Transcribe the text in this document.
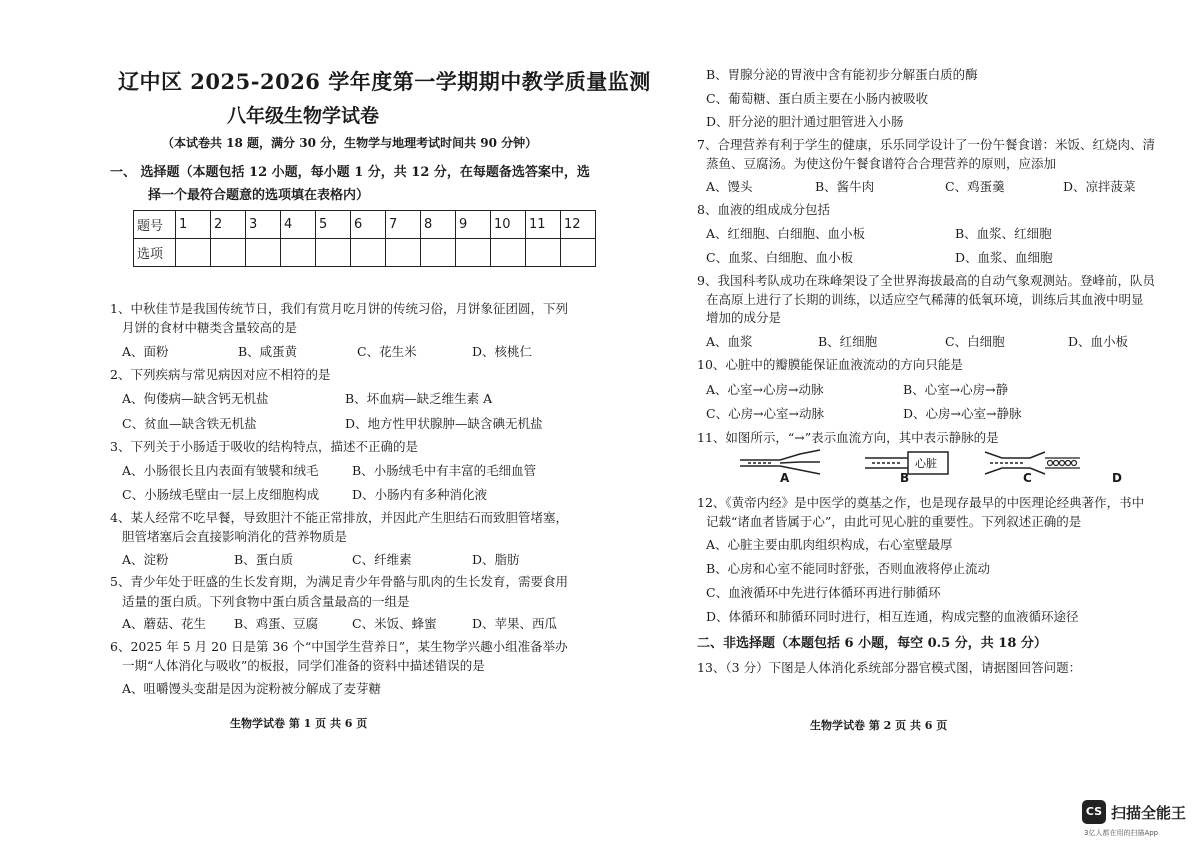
辽中区 2025-2026 学年度第一学期期中教学质量监测
八年级生物学试卷
（本试卷共 18 题，满分 30 分，生物学与地理考试时间共 90 分钟）
一、 选择题（本题包括 12 小题，每小题 1 分，共 12 分，在每题备选答案中，选
择一个最符合题意的选项填在表格内）
题号	1	2	3	4	5	6	7	8	9	10	11	12
选项												
1、中秋佳节是我国传统节日，我们有赏月吃月饼的传统习俗，月饼象征团圆，下列
月饼的食材中糖类含量较高的是
A、面粉	B、咸蛋黄	C、花生米	D、核桃仁
2、下列疾病与常见病因对应不相符的是
A、佝偻病—缺含钙无机盐	B、坏血病—缺乏维生素 A
C、贫血—缺含铁无机盐	D、地方性甲状腺肿—缺含碘无机盐
3、下列关于小肠适于吸收的结构特点，描述不正确的是
A、小肠很长且内表面有皱襞和绒毛	B、小肠绒毛中有丰富的毛细血管
C、小肠绒毛壁由一层上皮细胞构成	D、小肠内有多种消化液
4、某人经常不吃早餐，导致胆汁不能正常排放，并因此产生胆结石而致胆管堵塞，
胆管堵塞后会直接影响消化的营养物质是
A、淀粉	B、蛋白质	C、纤维素	D、脂肪
5、青少年处于旺盛的生长发育期，为满足青少年骨骼与肌肉的生长发育，需要食用
适量的蛋白质。下列食物中蛋白质含量最高的一组是
A、蘑菇、花生 B、鸡蛋、豆腐	C、米饭、蜂蜜	D、苹果、西瓜
6、2025 年 5 月 20 日是第 36 个“中国学生营养日”，某生物学兴趣小组准备举办
一期“人体消化与吸收”的板报，同学们准备的资料中描述错误的是
A、咀嚼馒头变甜是因为淀粉被分解成了麦芽糖
生物学试卷 第 1 页 共 6 页
B、胃腺分泌的胃液中含有能初步分解蛋白质的酶
C、葡萄糖、蛋白质主要在小肠内被吸收
D、肝分泌的胆汁通过胆管进入小肠
7、合理营养有利于学生的健康，乐乐同学设计了一份午餐食谱：米饭、红烧肉、清
蒸鱼、豆腐汤。为使这份午餐食谱符合合理营养的原则，应添加
A、馒头	B、酱牛肉	C、鸡蛋羹	D、凉拌菠菜
8、血液的组成成分包括
A、红细胞、白细胞、血小板	B、血浆、红细胞
C、血浆、白细胞、血小板	D、血浆、血细胞
9、我国科考队成功在珠峰架设了全世界海拔最高的自动气象观测站。登峰前，队员
在高原上进行了长期的训练，以适应空气稀薄的低氧环境，训练后其血液中明显
增加的成分是
A、血浆	B、红细胞	C、白细胞	D、血小板
10、心脏中的瓣膜能保证血液流动的方向只能是
A、心室→心房→动脉	B、心室→心房→静
C、心房→心室→动脉	D、心房→心室→静脉
11、如图所示，“→”表示血流方向，其中表示静脉的是
心脏
A	B	C	D
12、《黄帝内经》是中医学的奠基之作，也是现存最早的中医理论经典著作，书中
记载“诸血者皆属于心”，由此可见心脏的重要性。下列叙述正确的是
A、心脏主要由肌肉组织构成，右心室壁最厚
B、心房和心室不能同时舒张，否则血液将停止流动
C、血液循环中先进行体循环再进行肺循环
D、体循环和肺循环同时进行，相互连通，构成完整的血液循环途径
二、非选择题（本题包括 6 小题，每空 0.5 分，共 18 分）
13、（3 分）下图是人体消化系统部分器官模式图，请据图回答问题：
生物学试卷 第 2 页 共 6 页
CS 扫描全能王
3亿人都在用的扫描App
